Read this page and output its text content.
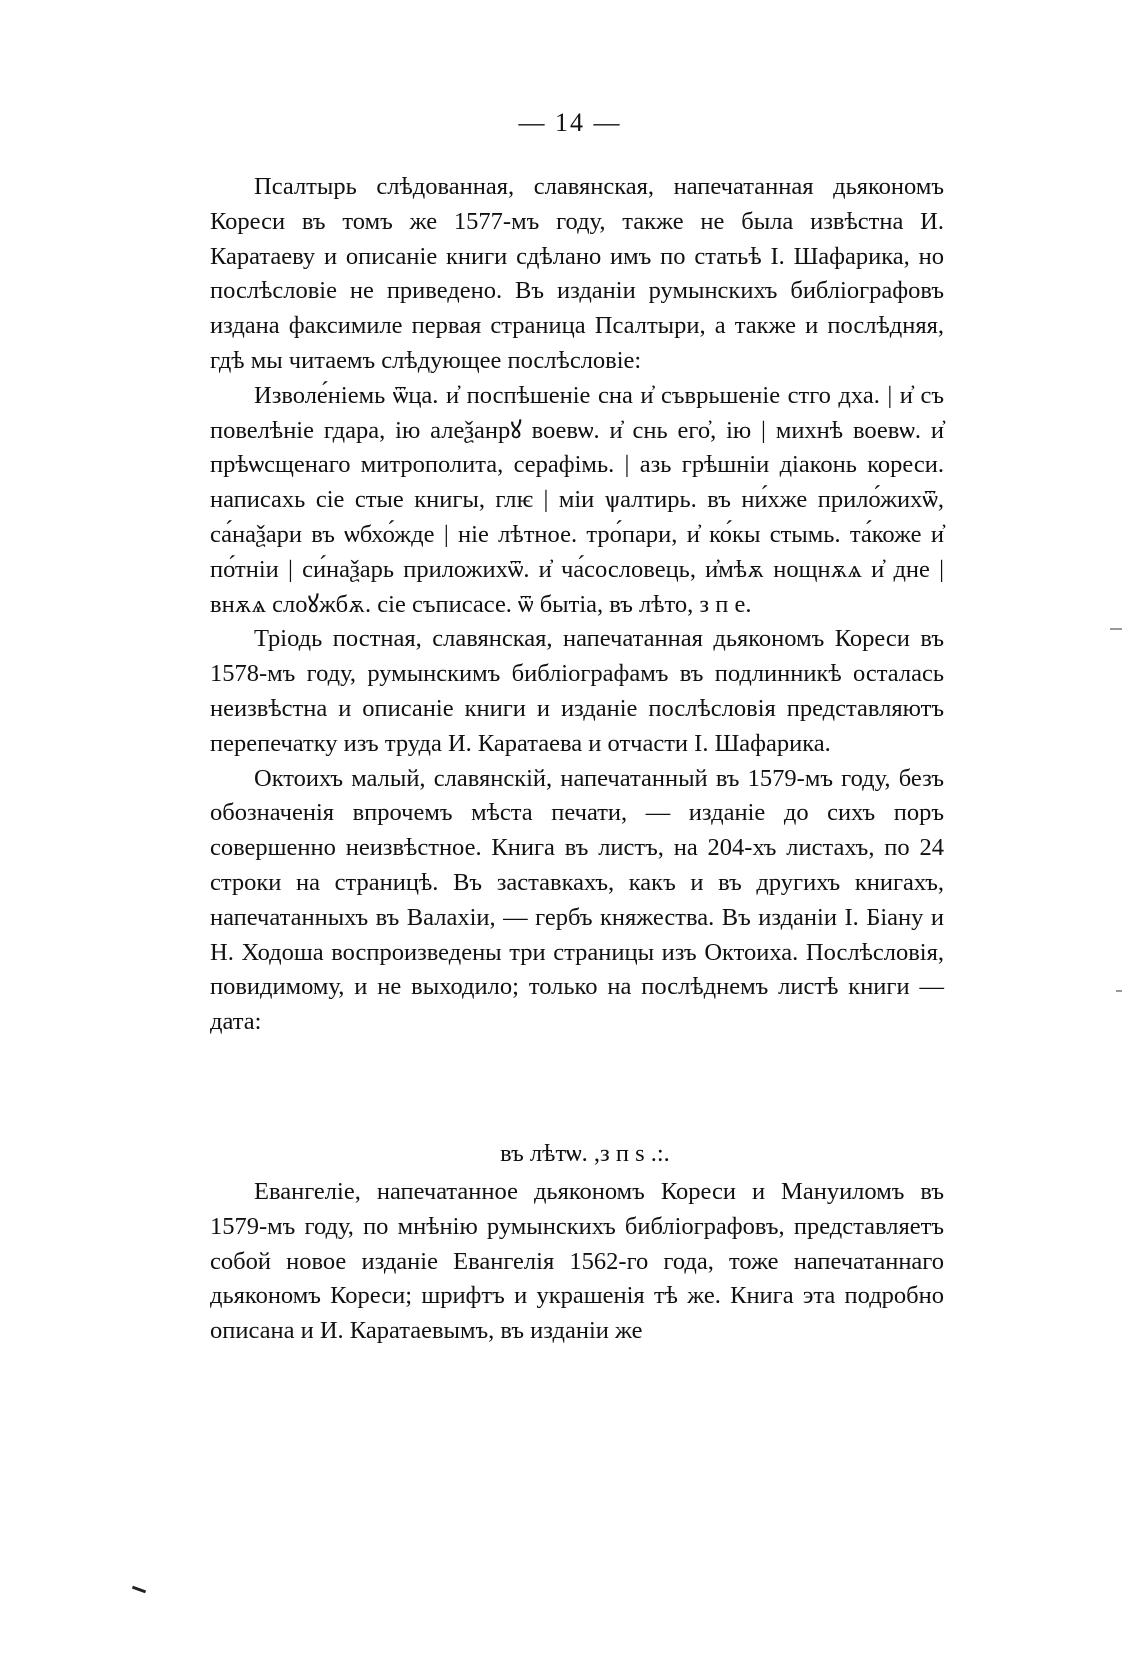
— 14 —

Псалтырь слѣдованная, славянская, напечатанная дьякономъ Кореси въ томъ же 1577-мъ году, также не была извѣстна И. Каратаеву и описаніе книги сдѣлано имъ по статьѣ І. Шафарика, но послѣсловіе не приведено. Въ изданіи румынскихъ библіографовъ издана факсимиле первая страница Псалтыри, а также и послѣдняя, гдѣ мы читаемъ слѣдующее послѣсловіе:

Изволе́ніемь ѿца. и҆ поспѣшеніе сна и҆ съврьшеніе стго дха. | и҆ съ повелѣніе гдара, ію алеѯанрꙋ воевѡ. и҆ снь его҆, ію | михнѣ воевѡ. и҆ прѣѡсщенаго митрополита, серафімь. | азь грѣшніи діаконь кореси. написахь сіе стые книгы, глѥ | міи ѱалтирь. въ ни́хже прило́жихѿ, са́наѯари въ ѡбхо́жде | ніе лѣтное. тро́пари, и҆ ко́кы стымь. та́коже и҆ по́тніи | си́наѯарь приложихѿ. и҆ ча́сословець, и҆мѣѫ нощнѫѧ и҆ дне | внѫѧ слоꙋжбѫ. сіе съписасе. ѿ бытіа, въ лѣто, з п е.

Тріодь постная, славянская, напечатанная дьякономъ Кореси въ 1578-мъ году, румынскимъ библіографамъ въ подлинникѣ осталась неизвѣстна и описаніе книги и изданіе послѣсловія представляютъ перепечатку изъ труда И. Каратаева и отчасти І. Шафарика.

Октоихъ малый, славянскій, напечатанный въ 1579-мъ году, безъ обозначенія впрочемъ мѣста печати, — изданіе до сихъ поръ совершенно неизвѣстное. Книга въ листъ, на 204-хъ листахъ, по 24 строки на страницѣ. Въ заставкахъ, какъ и въ другихъ книгахъ, напечатанныхъ въ Валахіи, — гербъ княжества. Въ изданіи І. Біану и Н. Ходоша воспроизведены три страницы изъ Октоиха. Послѣсловія, повидимому, и не выходило; только на послѣднемъ листѣ книги — дата:

въ лѣтѡ. ,з п s .:.

Евангеліе, напечатанное дьякономъ Кореси и Мануиломъ въ 1579-мъ году, по мнѣнію румынскихъ библіографовъ, представляетъ собой новое изданіе Евангелія 1562-го года, тоже напечатаннаго дьякономъ Кореси; шрифтъ и украшенія тѣ же. Книга эта подробно описана и И. Каратаевымъ, въ изданіи же
